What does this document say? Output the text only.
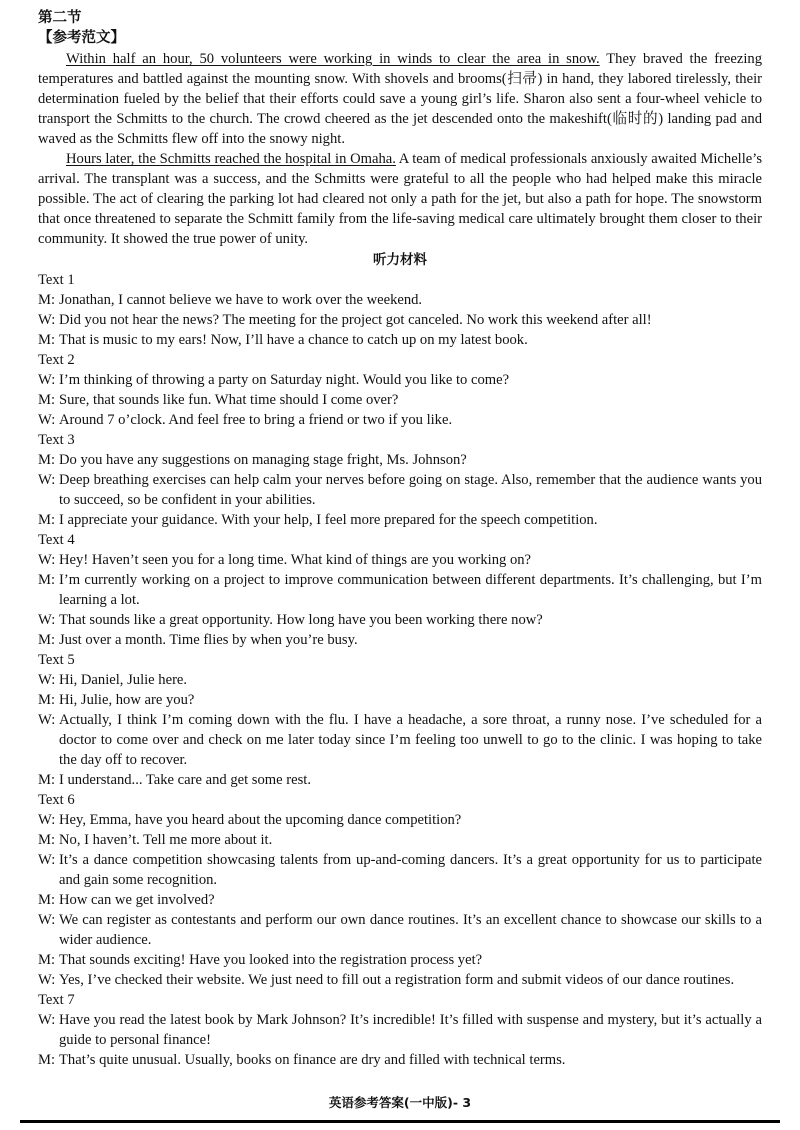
第二节

【参考范文】

Within half an hour, 50 volunteers were working in winds to clear the area in snow. They braved the freezing temperatures and battled against the mounting snow. With shovels and brooms(扫帚) in hand, they labored tirelessly, their determination fueled by the belief that their efforts could save a young girl’s life. Sharon also sent a four-wheel vehicle to transport the Schmitts to the church. The crowd cheered as the jet descended onto the makeshift(临时的) landing pad and waved as the Schmitts flew off into the snowy night.

Hours later, the Schmitts reached the hospital in Omaha. A team of medical professionals anxiously awaited Michelle’s arrival. The transplant was a success, and the Schmitts were grateful to all the people who had helped make this miracle possible. The act of clearing the parking lot had cleared not only a path for the jet, but also a path for hope. The snowstorm that once threatened to separate the Schmitt family from the life-saving medical care ultimately brought them closer to their community. It showed the true power of unity.

听力材料

Text 1

M: Jonathan, I cannot believe we have to work over the weekend.
W: Did you not hear the news? The meeting for the project got canceled. No work this weekend after all!
M: That is music to my ears! Now, I’ll have a chance to catch up on my latest book.

Text 2

W: I’m thinking of throwing a party on Saturday night. Would you like to come?
M: Sure, that sounds like fun. What time should I come over?
W: Around 7 o’clock. And feel free to bring a friend or two if you like.

Text 3

M: Do you have any suggestions on managing stage fright, Ms. Johnson?
W: Deep breathing exercises can help calm your nerves before going on stage. Also, remember that the audience wants you to succeed, so be confident in your abilities.
M: I appreciate your guidance. With your help, I feel more prepared for the speech competition.

Text 4

W: Hey! Haven’t seen you for a long time. What kind of things are you working on?
M: I’m currently working on a project to improve communication between different departments. It’s challenging, but I’m learning a lot.
W: That sounds like a great opportunity. How long have you been working there now?
M: Just over a month. Time flies by when you’re busy.

Text 5

W: Hi, Daniel, Julie here.
M: Hi, Julie, how are you?
W: Actually, I think I’m coming down with the flu. I have a headache, a sore throat, a runny nose. I’ve scheduled for a doctor to come over and check on me later today since I’m feeling too unwell to go to the clinic. I was hoping to take the day off to recover.
M: I understand... Take care and get some rest.

Text 6

W: Hey, Emma, have you heard about the upcoming dance competition?
M: No, I haven’t. Tell me more about it.
W: It’s a dance competition showcasing talents from up-and-coming dancers. It’s a great opportunity for us to participate and gain some recognition.
M: How can we get involved?
W: We can register as contestants and perform our own dance routines. It’s an excellent chance to showcase our skills to a wider audience.
M: That sounds exciting! Have you looked into the registration process yet?
W: Yes, I’ve checked their website. We just need to fill out a registration form and submit videos of our dance routines.

Text 7

W: Have you read the latest book by Mark Johnson? It’s incredible! It’s filled with suspense and mystery, but it’s actually a guide to personal finance!
M: That’s quite unusual. Usually, books on finance are dry and filled with technical terms.
英语参考答案(一中版)- 3
